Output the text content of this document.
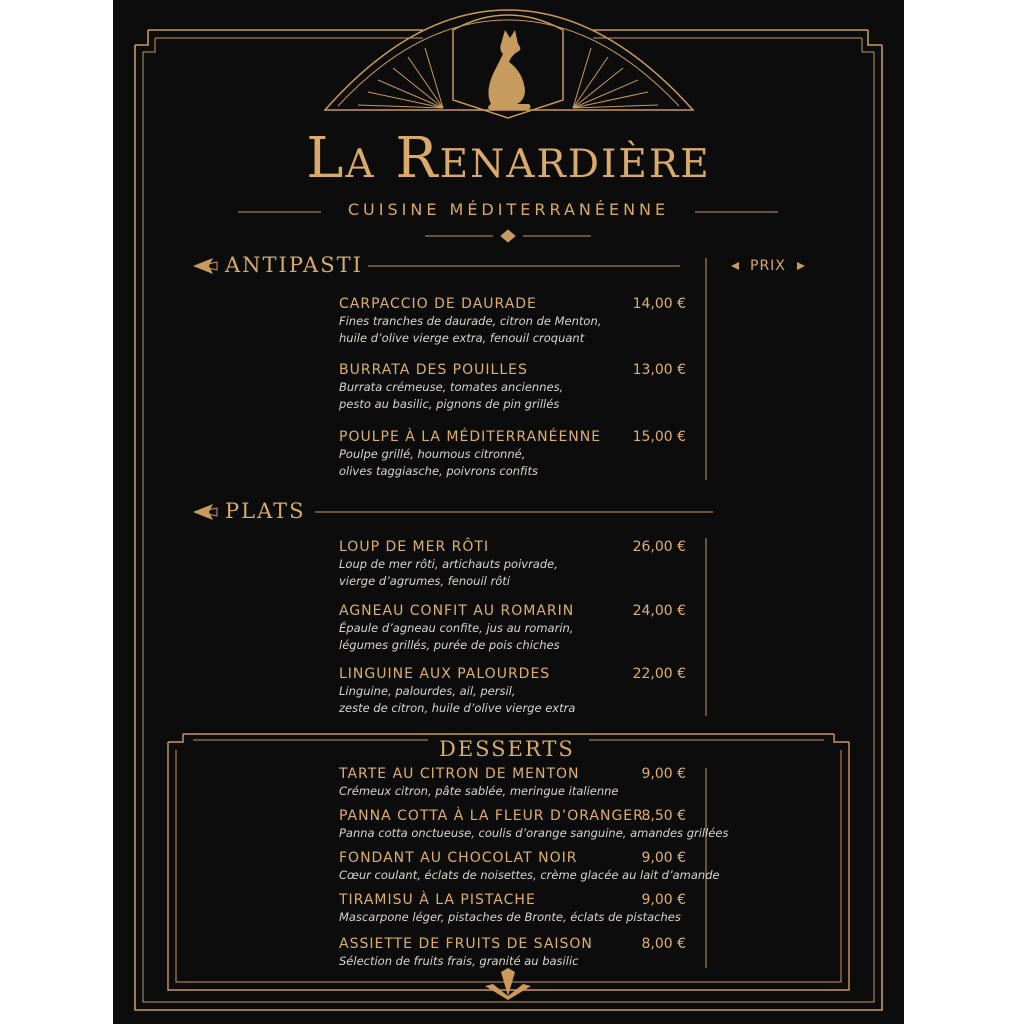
La Renardière
CUISINE MÉDITERRANÉENNE
ANTIPASTI	PRIX
CARPACCIO DE DAURADE
Fines tranches de daurade, citron de Menton,
huile d’olive vierge extra, fenouil croquant
14,00 €
BURRATA DES POUILLES
Burrata crémeuse, tomates anciennes,
pesto au basilic, pignons de pin grillés
13,00 €
POULPE À LA MÉDITERRANÉENNE
Poulpe grillé, houmous citronné,
olives taggiasche, poivrons confits
15,00 €
PLATS
LOUP DE MER RÔTI
Loup de mer rôti, artichauts poivrade,
vierge d’agrumes, fenouil rôti
26,00 €
AGNEAU CONFIT AU ROMARIN
Épaule d’agneau confite, jus au romarin,
légumes grillés, purée de pois chiches
24,00 €
LINGUINE AUX PALOURDES
Linguine, palourdes, ail, persil,
zeste de citron, huile d’olive vierge extra
22,00 €
DESSERTS
TARTE AU CITRON DE MENTON
Crémeux citron, pâte sablée, meringue italienne
9,00 €
PANNA COTTA À LA FLEUR D’ORANGER
Panna cotta onctueuse, coulis d’orange sanguine, amandes grillées
8,50 €
FONDANT AU CHOCOLAT NOIR
Cœur coulant, éclats de noisettes, crème glacée au lait d’amande
9,00 €
TIRAMISU À LA PISTACHE
Mascarpone léger, pistaches de Bronte, éclats de pistaches
9,00 €
ASSIETTE DE FRUITS DE SAISON
Sélection de fruits frais, granité au basilic
8,00 €
